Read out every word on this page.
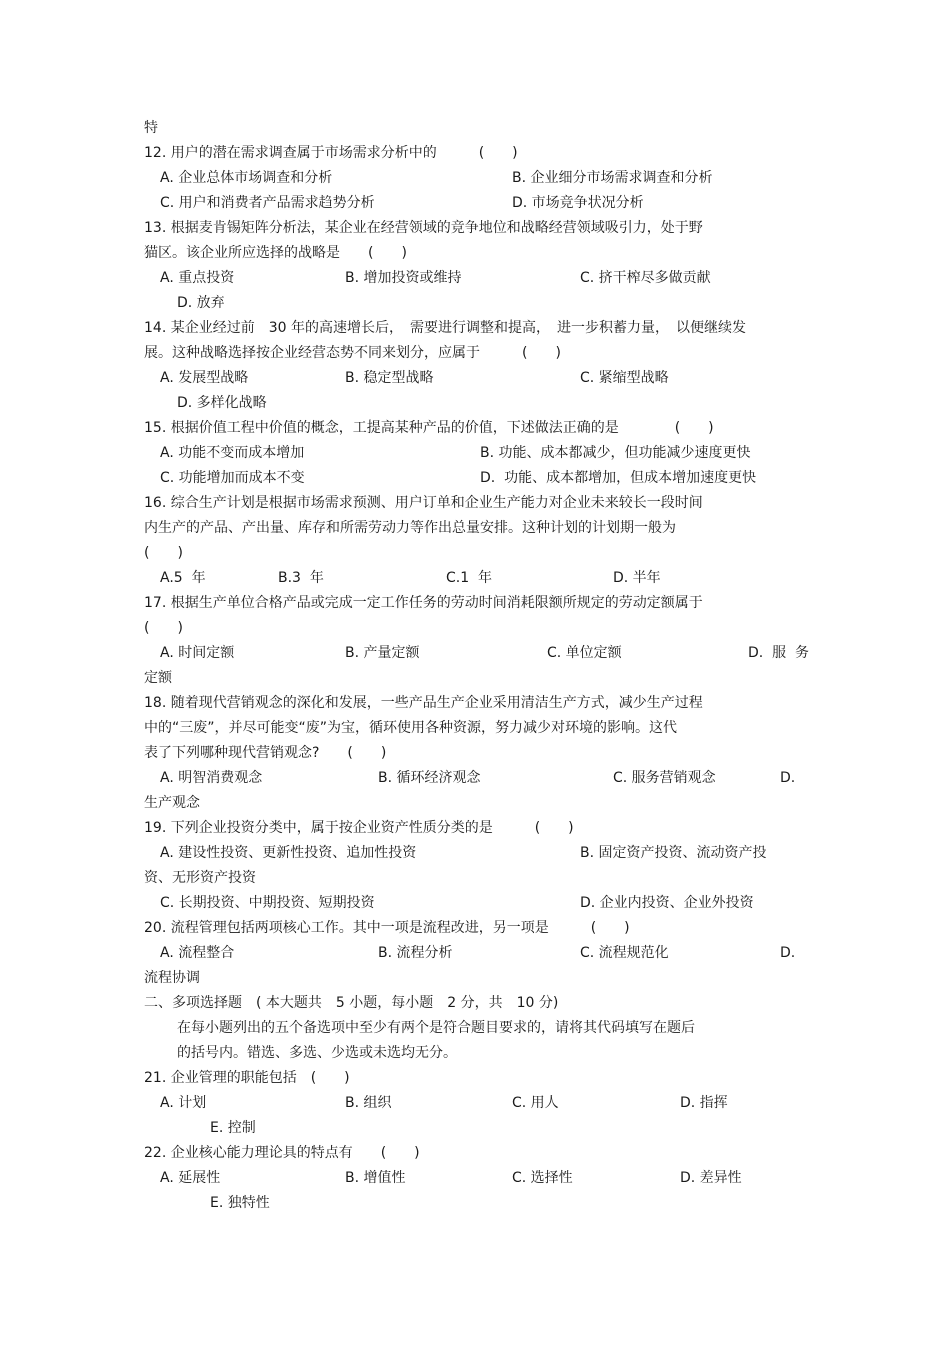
特
12. 用户的潜在需求调查属于市场需求分析中的　　　(　　)
A. 企业总体市场调查和分析	B. 企业细分市场需求调查和分析
C. 用户和消费者产品需求趋势分析	D. 市场竞争状况分析
13. 根据麦肯锡矩阵分析法，某企业在经营领域的竞争地位和战略经营领域吸引力，处于野
猫区。该企业所应选择的战略是　　(　　)
A. 重点投资	B. 增加投资或维持	C. 挤干榨尽多做贡献
D. 放弃
14. 某企业经过前　30 年的高速增长后，　需要进行调整和提高，　进一步积蓄力量，　以便继续发
展。这种战略选择按企业经营态势不同来划分，应属于　　　(　　)
A. 发展型战略	B. 稳定型战略	C. 紧缩型战略
D. 多样化战略
15. 根据价值工程中价值的概念，工提高某种产品的价值，下述做法正确的是　　　　(　　)
A. 功能不变而成本增加	B. 功能、成本都减少，但功能减少速度更快
C. 功能增加而成本不变	D.  功能、成本都增加，但成本增加速度更快
16. 综合生产计划是根据市场需求预测、用户订单和企业生产能力对企业未来较长一段时间
内生产的产品、产出量、库存和所需劳动力等作出总量安排。这种计划的计划期一般为
(　　)
A.5  年	B.3  年	C.1  年	D. 半年
17. 根据生产单位合格产品或完成一定工作任务的劳动时间消耗限额所规定的劳动定额属于
(　　)
A. 时间定额	B. 产量定额	C. 单位定额	D.  服  务
定额
18. 随着现代营销观念的深化和发展，一些产品生产企业采用清洁生产方式，减少生产过程
中的“三废”，并尽可能变“废”为宝，循环使用各种资源，努力减少对环境的影响。这代
表了下列哪种现代营销观念?　　(　　)
A. 明智消费观念	B. 循环经济观念	C. 服务营销观念	D.
生产观念
19. 下列企业投资分类中，属于按企业资产性质分类的是　　　(　　)
A. 建设性投资、更新性投资、追加性投资	B. 固定资产投资、流动资产投
资、无形资产投资
C. 长期投资、中期投资、短期投资	D. 企业内投资、企业外投资
20. 流程管理包括两项核心工作。其中一项是流程改进，另一项是　　　(　　)
A. 流程整合	B. 流程分析	C. 流程规范化	D.
流程协调
二、多项选择题　( 本大题共　5 小题，每小题　2 分，共　10 分)
在每小题列出的五个备选项中至少有两个是符合题目要求的，请将其代码填写在题后
的括号内。错选、多选、少选或未选均无分。
21. 企业管理的职能包括　(　　)
A. 计划	B. 组织	C. 用人	D. 指挥
E. 控制
22. 企业核心能力理论具的特点有　　(　　)
A. 延展性	B. 增值性	C. 选择性	D. 差异性
E. 独特性
